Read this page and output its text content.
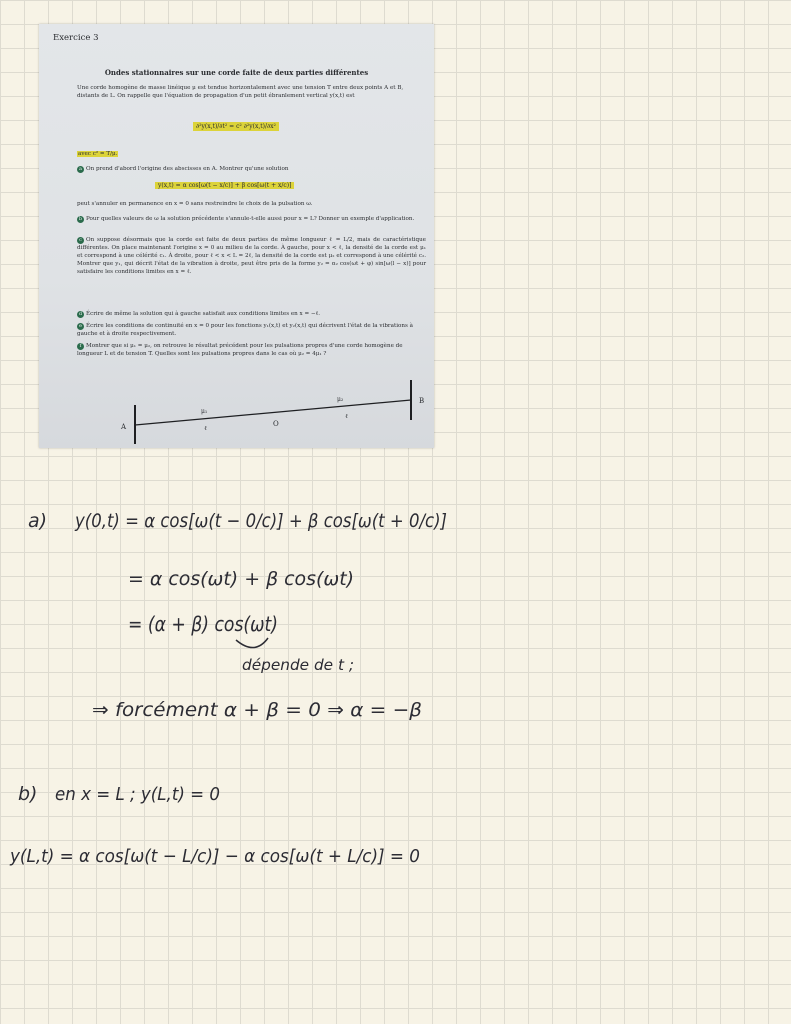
Exercice 3
Ondes stationnaires sur une corde faite de deux parties différentes

Une corde homogène de masse linéique μ est tendue horizontalement avec une tension T entre deux points A et B, distants de L. On rappelle que l'équation de propagation d'un petit ébranlement vertical y(x,t) est

∂²y(x,t)/∂t² = c² ∂²y(x,t)/∂x²

avec c² = T/μ.

a On prend d'abord l'origine des abscisses en A. Montrer qu'une solution

y(x,t) = α cos[ω(t − x/c)] + β cos[ω(t + x/c)]

peut s'annuler en permanence en x = 0 sans restreindre le choix de la pulsation ω.

b Pour quelles valeurs de ω la solution précédente s'annule-t-elle aussi pour x = L? Donner un exemple d'application.

c On suppose désormais que la corde est faite de deux parties de même longueur ℓ = L/2, mais de caractéristique différentes. On place maintenant l'origine x = 0 au milieu de la corde. À gauche, pour x < ℓ, la densité de la corde est μ₁ et correspond à une célérité c₁. À droite, pour ℓ < x < L = 2ℓ, la densité de la corde est μ₂ et correspond à une célérité c₂. Montrer que y₁, qui décrit l'état de la vibration à droite, peut être pris de la forme y₂ = α₂ cos(ωt + φ) sin[ω(l − x)] pour satisfaire les conditions limites en x = ℓ.

d Écrire de même la solution qui à gauche satisfait aux conditions limites en x = −ℓ.

e Écrire les conditions de continuité en x = 0 pour les fonctions y₁(x,t) et y₂(x,t) qui décrivent l'état de la vibrations à gauche et à droite respectivement.

f Montrer que si μ₁ = μ₂, on retrouve le résultat précédent pour les pulsations propres d'une corde homogène de longueur L et de tension T. Quelles sont les pulsations propres dans le cas où μ₂ = 4μ₁ ?

A
B
O
μ₁
μ₂
ℓ
ℓ
a) y(0,t) = α cos[ω(t − 0/c)] + β cos[ω(t + 0/c)]
= α cos(ωt) + β cos(ωt)
= (α + β) cos(ωt)
dépende de t ;
⇒ forcément α + β = 0 ⇒ α = −β
b) en x = L ; y(L,t) = 0
y(L,t) = α cos[ω(t − L/c)] − α cos[ω(t + L/c)] = 0
